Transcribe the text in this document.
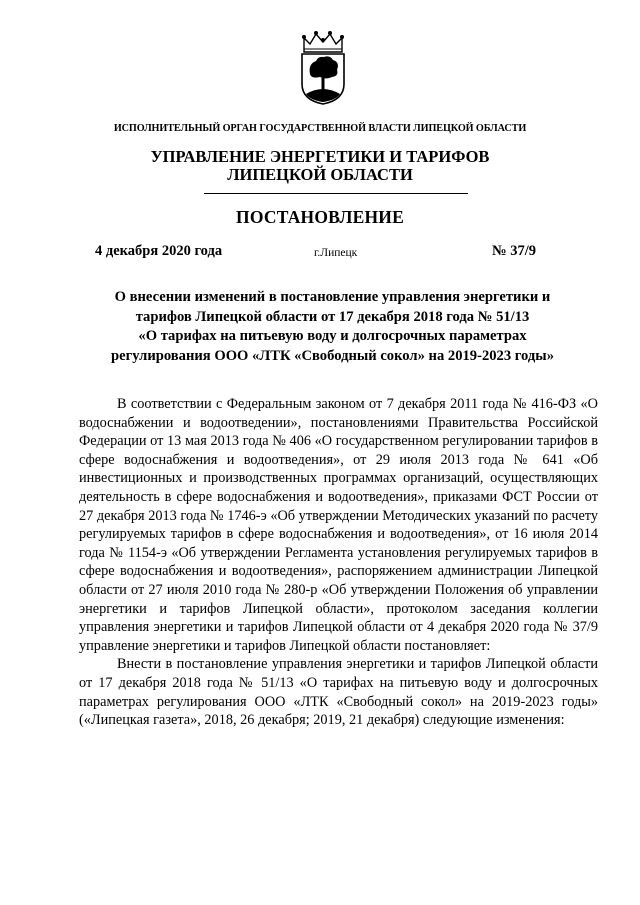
ИСПОЛНИТЕЛЬНЫЙ ОРГАН ГОСУДАРСТВЕННОЙ ВЛАСТИ ЛИПЕЦКОЙ ОБЛАСТИ
УПРАВЛЕНИЕ ЭНЕРГЕТИКИ И ТАРИФОВ
ЛИПЕЦКОЙ ОБЛАСТИ
ПОСТАНОВЛЕНИЕ
4 декабря 2020 года	г.Липецк	№ 37/9
О внесении изменений в постановление управления энергетики и
тарифов Липецкой области от 17 декабря 2018 года № 51/13
«О тарифах на питьевую воду и долгосрочных параметрах
регулирования ООО «ЛТК «Свободный сокол» на 2019-2023 годы»

В соответствии с Федеральным законом от 7 декабря 2011 года № 416-ФЗ «О водоснабжении и водоотведении», постановлениями Правительства Российской Федерации от 13 мая 2013 года № 406 «О государственном регулировании тарифов в сфере водоснабжения и водоотведения», от 29 июля 2013 года № 641 «Об инвестиционных и производственных программах организаций, осуществляющих деятельность в сфере водоснабжения и водоотведения», приказами ФСТ России от 27 декабря 2013 года № 1746-э «Об утверждении Методических указаний по расчету регулируемых тарифов в сфере водоснабжения и водоотведения», от 16 июля 2014 года № 1154-э «Об утверждении Регламента установления регулируемых тарифов в сфере водоснабжения и водоотведения», распоряжением администрации Липецкой области от 27 июля 2010 года № 280-р «Об утверждении Положения об управлении энергетики и тарифов Липецкой области», протоколом заседания коллегии управления энергетики и тарифов Липецкой области от 4 декабря 2020 года № 37/9 управление энергетики и тарифов Липецкой области постановляет:

Внести в постановление управления энергетики и тарифов Липецкой области от 17 декабря 2018 года № 51/13 «О тарифах на питьевую воду и долгосрочных параметрах регулирования ООО «ЛТК «Свободный сокол» на 2019-2023 годы» («Липецкая газета», 2018, 26 декабря; 2019, 21 декабря) следующие изменения:
